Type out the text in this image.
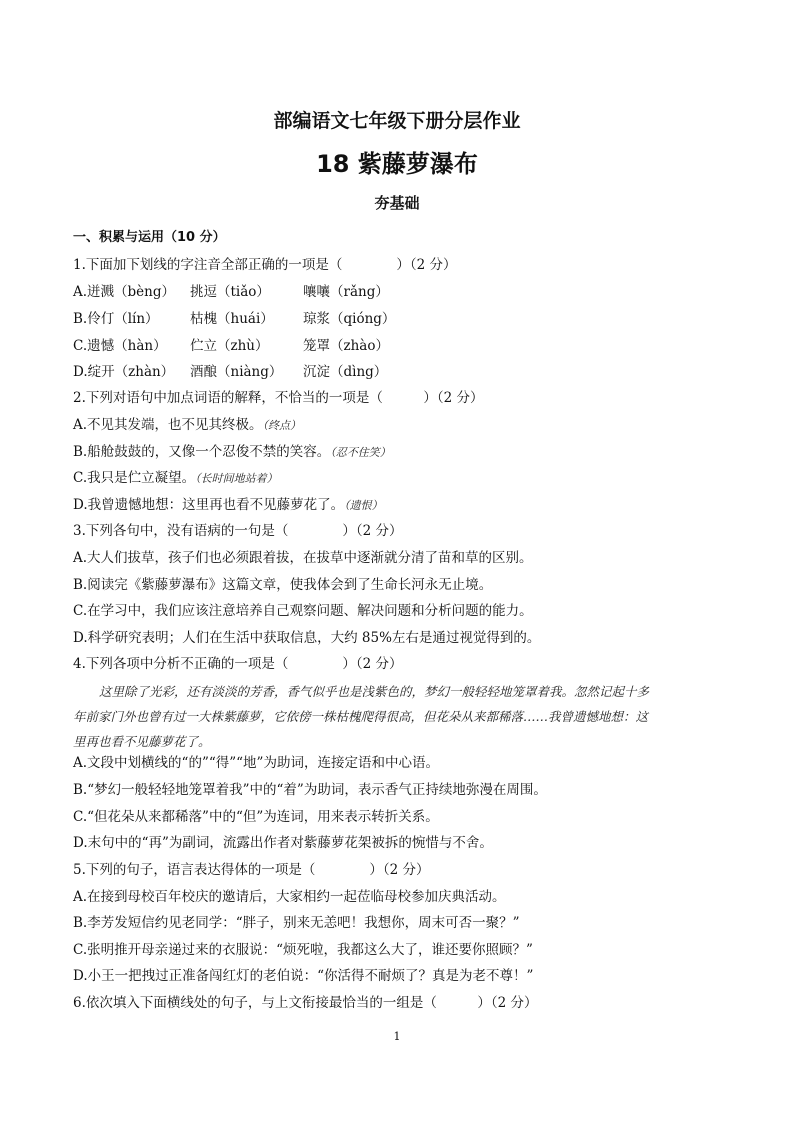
部编语文七年级下册分层作业
18 紫藤萝瀑布
夯基础
一、积累与运用（10 分）
1.下面加下划线的字注音全部正确的一项是（　　　　）（2 分）
A.迸溅（bèng） 挑逗（tiǎo） 嚷嚷（rǎng）
B.伶仃（lín） 枯槐（huái） 琼浆（qióng）
C.遗憾（hàn） 伫立（zhù）	笼罩（zhào）
D.绽开（zhàn） 酒酿（niàng） 沉淀（dìng）
2.下列对语句中加点词语的解释，不恰当的一项是（　　　）（2 分）
A.不见其发端，也不见其终极。（终点）
B.船舱鼓鼓的，又像一个忍俊不禁的笑容。（忍不住笑）
C.我只是伫立凝望。（长时间地站着）
D.我曾遗憾地想：这里再也看不见藤萝花了。（遗恨）
3.下列各句中，没有语病的一句是（　　　　）（2 分）
A.大人们拔草，孩子们也必须跟着拔，在拔草中逐渐就分清了苗和草的区别。
B.阅读完《紫藤萝瀑布》这篇文章，使我体会到了生命长河永无止境。
C.在学习中，我们应该注意培养自己观察问题、解决问题和分析问题的能力。
D.科学研究表明；人们在生活中获取信息，大约 85%左右是通过视觉得到的。
4.下列各项中分析不正确的一项是（　　　　）（2 分）
这里除了光彩，还有淡淡的芳香，香气似乎也是浅紫色的，梦幻一般轻轻地笼罩着我。忽然记起十多
年前家门外也曾有过一大株紫藤萝，它依傍一株枯槐爬得很高，但花朵从来都稀落……我曾遗憾地想：这
里再也看不见藤萝花了。
A.文段中划横线的“的”“得”“地”为助词，连接定语和中心语。
B.“梦幻一般轻轻地笼罩着我”中的“着”为助词，表示香气正持续地弥漫在周围。
C.“但花朵从来都稀落”中的“但”为连词，用来表示转折关系。
D.末句中的“再”为副词，流露出作者对紫藤萝花架被拆的惋惜与不舍。
5.下列的句子，语言表达得体的一项是（　　　　）（2 分）
A.在接到母校百年校庆的邀请后，大家相约一起莅临母校参加庆典活动。
B.李芳发短信约见老同学：“胖子，别来无恙吧！我想你，周末可否一聚？”
C.张明推开母亲递过来的衣服说：“烦死啦，我都这么大了，谁还要你照顾？”
D.小王一把拽过正准备闯红灯的老伯说：“你活得不耐烦了？真是为老不尊！”
6.依次填入下面横线处的句子，与上文衔接最恰当的一组是（　　　）（2 分）
1
